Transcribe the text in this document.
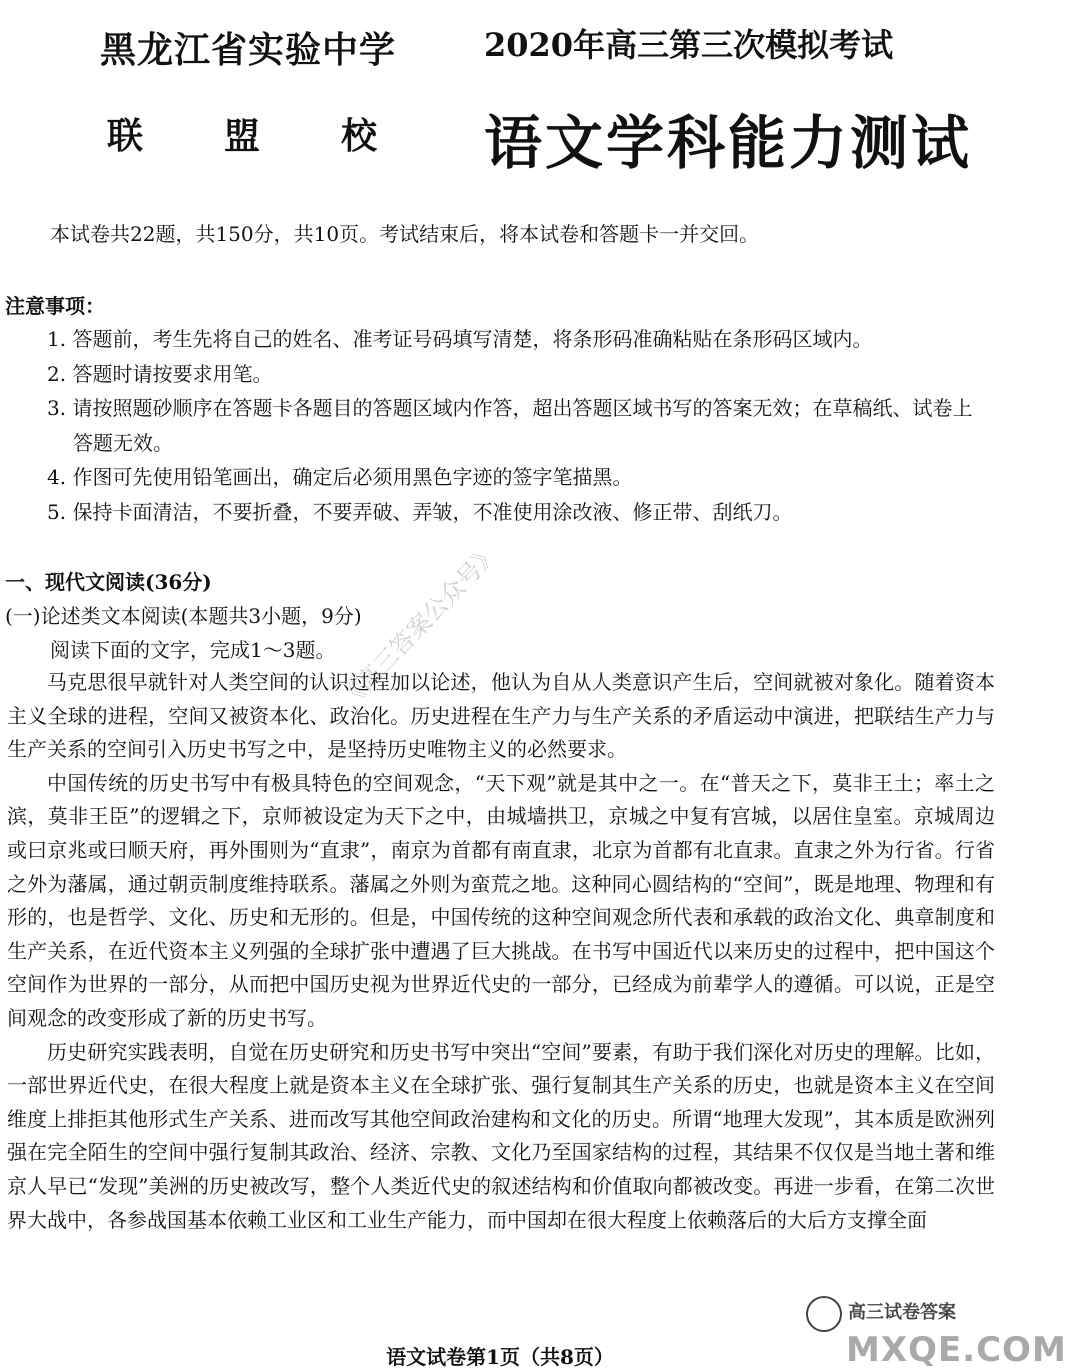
黑龙江省实验中学	2020年高三第三次模拟考试
联 盟 校 语文学科能力测试
本试卷共22题，共150分，共10页。考试结束后，将本试卷和答题卡一并交回。
注意事项：
1. 答题前，考生先将自己的姓名、准考证号码填写清楚，将条形码准确粘贴在条形码区域内。
2. 答题时请按要求用笔。
3. 请按照题砂顺序在答题卡各题目的答题区域内作答，超出答题区域书写的答案无效；在草稿纸、试卷上答题无效。
4. 作图可先使用铅笔画出，确定后必须用黑色字迹的签字笔描黑。
5. 保持卡面清洁，不要折叠，不要弄破、弄皱，不准使用涂改液、修正带、刮纸刀。
一、现代文阅读(36分)
(一)论述类文本阅读(本题共3小题，9分)
阅读下面的文字，完成1～3题。

马克思很早就针对人类空间的认识过程加以论述，他认为自从人类意识产生后，空间就被对象化。随着资本主义全球的进程，空间又被资本化、政治化。历史进程在生产力与生产关系的矛盾运动中演进，把联结生产力与生产关系的空间引入历史书写之中，是坚持历史唯物主义的必然要求。

中国传统的历史书写中有极具特色的空间观念，“天下观”就是其中之一。在“普天之下，莫非王土；率土之滨，莫非王臣”的逻辑之下，京师被设定为天下之中，由城墙拱卫，京城之中复有宫城，以居住皇室。京城周边或曰京兆或曰顺天府，再外围则为“直隶”，南京为首都有南直隶，北京为首都有北直隶。直隶之外为行省。行省之外为藩属，通过朝贡制度维持联系。藩属之外则为蛮荒之地。这种同心圆结构的“空间”，既是地理、物理和有形的，也是哲学、文化、历史和无形的。但是，中国传统的这种空间观念所代表和承载的政治文化、典章制度和生产关系，在近代资本主义列强的全球扩张中遭遇了巨大挑战。在书写中国近代以来历史的过程中，把中国这个空间作为世界的一部分，从而把中国历史视为世界近代史的一部分，已经成为前辈学人的遵循。可以说，正是空间观念的改变形成了新的历史书写。

历史研究实践表明，自觉在历史研究和历史书写中突出“空间”要素，有助于我们深化对历史的理解。比如，一部世界近代史，在很大程度上就是资本主义在全球扩张、强行复制其生产关系的历史，也就是资本主义在空间维度上排拒其他形式生产关系、进而改写其他空间政治建构和文化的历史。所谓“地理大发现”，其本质是欧洲列强在完全陌生的空间中强行复制其政治、经济、宗教、文化乃至国家结构的过程，其结果不仅仅是当地土著和维京人早已“发现”美洲的历史被改写，整个人类近代史的叙述结构和价值取向都被改变。再进一步看，在第二次世界大战中，各参战国基本依赖工业区和工业生产能力，而中国却在很大程度上依赖落后的大后方支撑全面

《高三答案公众号》
语文试卷第1页（共8页）
高三试卷答案
MXQE.COM
